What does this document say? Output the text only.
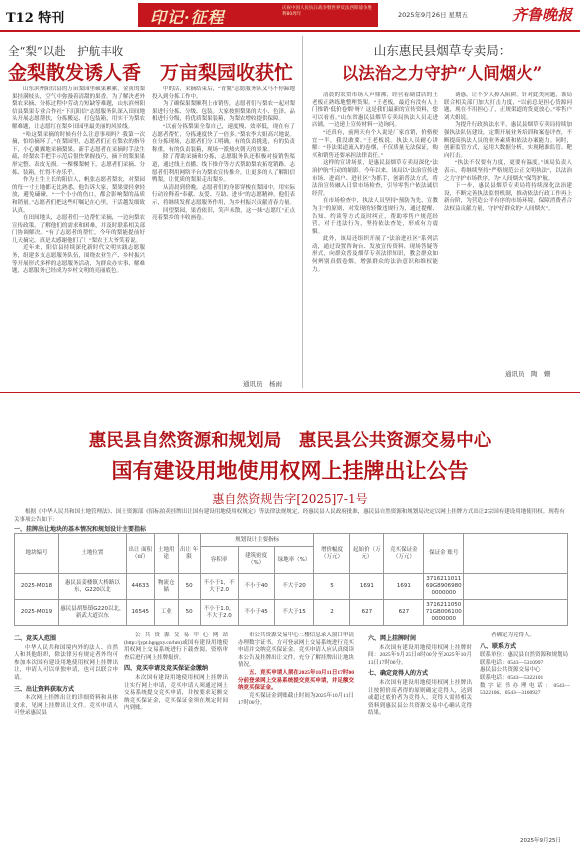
T12 特刊	印记·征程	庆祝中国人民抗日战争暨世界反法西斯战争胜利80周年	2025年9月26日 星期五	齐鲁晚报
全“梨”以赴　护航丰收
金梨散发诱人香　万亩梨园收获忙

山东滨州阳信县的万亩梨园里硕果累累，金黄的梨果挂满枝头，空气中弥漫着清甜的果香。为了解决老外梨农采摘、分拣过程中劳动力短缺等难题，山东滨州阳信县梨果专业合作社“下沉阳信”志愿服务队深入田间地头开展志愿帮扶，分拣搬运、打包装箱，用实干为梨农解难题，让志愿红在梨乡田园里最美丽的风景线。

“哈这梨采摘的时候有什么注意事项吗？我第一次摘，怕给摘坏了。”在梨园里，志愿者们正在梨农的指导下，小心翼翼地采摘梨果。新手志愿者在采摘时手法生疏，经梨农手把手示范后很快掌握技巧，摘下的梨果果形完整、表皮无损。一棵棵梨树下，志愿者们采摘、分拣、装箱，忙得不亦乐乎。

作为土生土长的阳信人，帆张志愿者梨农，对梨园的每一寸土地都无比熟悉，他告诉大家，梨果要轻拿轻放，避免磕碰，“一个小小的伤口，都会影响梨的品质和销量。”志愿者们把这些叮嘱记在心里，干活越发细致认真。

在田间地头，志愿者们一边帮忙采摘，一边向梨农宣传政策，了解他们的需求和困难，并及时联系相关部门协调解决。“有了志愿者的帮忙，今年的梨能提前好几天摘完，真是太感谢他们了！”梨农王大爷笑着说。

近年来，阳信县持续深化新时代文明实践志愿服务，组建多支志愿服务队伍，围绕农业生产、乡村振兴等开展形式多样的志愿服务活动，为群众办实事、解难题，志愿服务已经成为乡村文明的亮丽底色。

中的活，采摘结束后，“青冀”志愿服务队又马不停蹄地投入到分拣工作中。

为了确保果梨顺利上市销售，志愿者们与梨农一起对梨果进行分拣、分级、包装。大家按照梨果的大小、色泽、品相进行分级，将优质梨果装箱，为梨农增收提供保障。

“以前分拣梨果全靠自己，速度慢、效率低，现在有了志愿者帮忙，分拣速度快了一倍多。”梨农李大姐高兴地说。在分拣现场，志愿者们分工明确，有的负责挑选，有的负责称重，有的负责装箱，现场一派热火朝天的景象。

除了帮助采摘和分拣，志愿服务队还积极对接销售渠道，通过线上直播、线下推介等方式帮助梨农拓宽销路。志愿者们利用网络平台为梨农宣传推介，让更多的人了解阳信鸭梨，让优质的梨果走出梨乡。

从清晨到傍晚，志愿者们的身影穿梭在梨园中，用实际行动诠释着“奉献、友爱、互助、进步”的志愿精神。他们表示，将继续发挥志愿服务作用，为乡村振兴贡献青春力量。

回望梨园，果香依旧，笑声未散，这一抹“志愿红”正点亮着梨乡的丰收画卷。

通讯员　杨雨
山东惠民县烟草专卖局：
以法治之力守护“人间烟火”

清晨的农贸市场人声鼎沸，经营着副食店的王老板正熟练地整理货架。“王老板，最近有没有人上门推销‘低价卷烟’呀？这是我们最新的宣传资料，您可以看看。”山东省惠民县烟草专卖局执法人员走进店铺，一边递上宣传材料一边询问。

“还真有，前两天有个人说是厂家直销，价格便宜一半，我没敢要。”王老板说。执法人员耐心讲解：“非法渠道流入的卷烟，不仅质量无法保证，购买和销售还要承担法律责任。”

这样的宣讲场景，是惠民县烟草专卖局深化“法治护航”行动的缩影。今年以来，该局以“法治宣传进市场、进商户、进社区”为抓手，创新普法方式，将法治宣传融入日常市场检查，引导零售户依法诚信经营。

在市场检查中，执法人员坚持“预防为先、宣教为主”的原则，对发现的轻微违规行为，通过提醒、告知、约谈等方式及时纠正，帮助零售户规范经营。对于违法行为，坚持依法查处，形成有力震慑。

此外，该局还组织开展了“法治进社区”系列活动，通过设置咨询台、发放宣传资料、现场答疑等形式，向群众普及烟草专卖法律知识，教会群众如何辨别真假卷烟，增强群众的法治意识和维权能力。

诱惑，让不少人掉入陷阱。针对此类问题，该局联合相关部门加大打击力度，“以前总是担心货源问题，现在不用担心了，正规渠道的货更放心。”零售户刘大姐说。

为提升行政执法水平，惠民县烟草专卖局持续加强执法队伍建设，定期开展业务培训和案卷评查，不断提高执法人员的业务素质和依法办案能力。同时，创新监管方式，运用大数据分析，实现精准监管、靶向打击。

“执法不仅要有力度，更要有温度。”该局负责人表示，将继续坚持“严格规范公正文明执法”，以法治之力守护市场秩序，为“人间烟火”保驾护航。

下一步，惠民县烟草专卖局将持续深化法治建设，不断完善执法监督机制，推动依法行政工作再上新台阶，为营造公平有序的市场环境、保障消费者合法权益贡献力量，守护好群众的“人间烟火”。

通讯员　陶　姗
惠民县自然资源和规划局　惠民县公共资源交易中心
国有建设用地使用权网上挂牌出让公告
惠自然资规告字[2025]7-1号
根据《中华人民共和国土地管理法》、国土资源部《招标拍卖挂牌出让国有建设用地使用权规定》等法律法规规定，经惠民县人民政府批准，惠民县自然资源和规划局决定以网上挂牌方式出让2宗国有建设用地使用权。现将有关事项公告如下：
一、挂牌出让地块的基本情况和规划设计主要指标
地块编号	土地位置	出让 面积（㎡）	土地用途	出让 年限	规划设计主要指标			增价幅度（万元）	起始价（万元）	竞买保证金（万元）	保证金 账号	
					容积率	建筑密度（%）	绿地率（%）					
2025-M018	惠民县姜楼镇大桥路以东，G220以北	44633	物流仓储	50	不小于1，不大于2.0	不小于40	不大于20	5	1691	1691	371621101169G89069800000000	
2025-M019	惠民县胡集镇G220以北，新武大道以东	16545	工业	50	不小于1.0，不大于2.0	不小于45	不大于15	2	627	627	371621105071GB0061000000000	
二、竞买人范围

中华人民共和国境内外的法人、自然人和其他组织，除法律另有规定者外均可参加本次国有建设用地使用权网上挂牌出让，申请人可以单独申请，也可以联合申请。

三、出让资料获取方式

本次网上挂牌出让的详细资料和具体要求，见网上挂牌出让文件。竞买申请人可登录惠民县

公共资源交易中心网站(http://jypt.hgqgxy.cn/hm)或国有建设用地使用权网上交易系统进行下载查阅，资格审查后进行网上挂牌报价。

四、竞买申请及竞买保证金缴纳

本次国有建设用地使用权网上挂牌出让实行网上申请，竞买申请人须通过网上交易系统提交竞买申请，并按要求足额交纳竞买保证金，竞买保证金须在规定时间内到账。

市公共资源交易中心三楼信息录入窗口申请办理数字证书，方可登录网上交易系统进行竞买申请并交纳竞买保证金。竞买申请人应认真阅读本公告及挂牌出让文件，充分了解挂牌出让地块情况。

五、竞买申请人须在2025年10月11日17时00分前登录网上交易系统提交竞买申请，并足额交纳竞买保证金。

竞买保证金到账截止时间为2025年10月11日17时00分。

六、网上挂牌时间

本次国有建设用地使用权网上挂牌时间：2025年9月25日8时00分至2025年10月13日17时00分。

七、确定竞得人的方式

本次国有建设用地使用权网上挂牌出让按照价高者得的原则确定竞得人，达到或超过底价者为竞得人。竞得人需持相关资料到惠民县公共资源交易中心确认竞得结果。

者确定为竞得人。

八、联系方式

联系单位：惠民县自然资源和规划局
联系电话：0543—5310997
惠民县公共资源交易中心
联系电话：0543—5322101
数字证书办理电话：0543—5322106、0543—3160927

2025年9月25日
